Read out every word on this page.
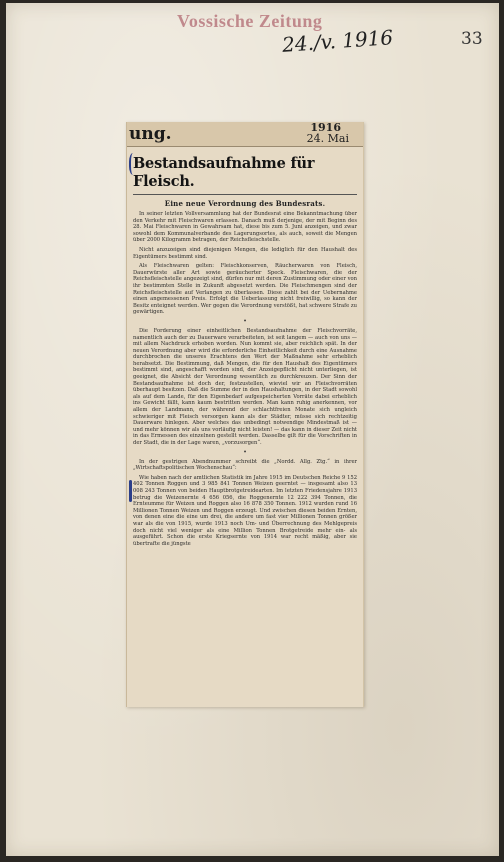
Vossische Zeitung
24./v. 1916	33
ung.	1916
24. Mai
Bestandsaufnahme für Fleisch.
Eine neue Verordnung des Bundesrats.

In seiner letzten Vollversammlung hat der Bundesrat eine Bekanntmachung über den Verkehr mit Fleischwaren erlassen. Danach muß derjenige, der mit Beginn des 28. Mai Fleischwaren in Gewahrsam hat, diese bis zum 5. Juni anzeigen, und zwar sowohl dem Kommunalverbande des Lagerungsortes, als auch, soweit die Mengen über 2000 Kilogramm betragen, der Reichsfleischstelle.

Nicht anzuzeigen sind diejenigen Mengen, die lediglich für den Haushalt des Eigentümers bestimmt sind.

Als Fleischwaren gelten: Fleischkonserven, Räucherwaren von Fleisch, Dauerwürste aller Art sowie geräucherter Speck. Fleischwaren, die der Reichsfleischstelle angezeigt sind, dürfen nur mit deren Zustimmung oder einer von ihr bestimmten Stelle in Zukunft abgesetzt werden. Die Fleischmengen sind der Reichsfleischstelle auf Verlangen zu überlassen. Diese zahlt bei der Uebernahme einen angemessenen Preis. Erfolgt die Ueberlassung nicht freiwillig, so kann der Besitz enteignet werden. Wer gegen die Verordnung verstößt, hat schwere Strafe zu gewärtigen.

•

Die Forderung einer einheitlichen Bestandsaufnahme der Fleischvorräte, namentlich auch der zu Dauerware verarbeiteten, ist seit langem — auch von uns — mit allem Nachdruck erhoben worden. Nun kommt sie, aber reichlich spät. In der neuen Verordnung aber wird die erforderliche Einheitlichkeit durch eine Ausnahme durchbrochen die unseres Erachtens den Wert der Maßnahme sehr erheblich herabsetzt. Die Bestimmung, daß Mengen, die für den Haushalt des Eigentümers bestimmt sind, angeschafft worden sind, der Anzeigepflicht nicht unterliegen, ist geeignet, die Absicht der Verordnung wesentlich zu durchkreuzen. Der Sinn der Bestandsaufnahme ist doch der, festzustellen, wieviel wir an Fleischvorräten überhaupt besitzen. Daß die Summe der in den Haushaltungen, in der Stadt sowohl als auf dem Lande, für den Eigenbedarf aufgespeicherten Vorräte dabei erheblich ins Gewicht fällt, kann kaum bestritten werden. Man kann ruhig anerkennen, vor allem der Landmann, der während der schlachtfreien Monate sich ungleich schwieriger mit Fleisch versorgen kann als der Städter, müsse sich rechtzeitig Dauerware hinlegen. Aber welches das unbedingt notwendige Mindestmaß ist — und mehr können wir als uns vorläufig nicht leisten! — das kann in dieser Zeit nicht in das Ermessen des einzelnen gestellt werden. Dasselbe gilt für die Vorschriften in der Stadt, die in der Lage waren, „vorzusorgen“.

•

In der gestrigen Abendnummer schreibt die „Nordd. Allg. Ztg.“ in ihrer „Wirtschaftspolitischen Wochenschau“:

Wie haben nach der amtlichen Statistik im Jahre 1915 im Deutschen Reiche 9 152 402 Tonnen Roggen und 3 985 841 Tonnen Weizen geerntet — insgesamt also 13 008 243 Tonnen von beiden Hauptbrotgetreidearten. Im letzten Friedensjahre 1913 betrug die Weizenernte 4 656 056, die Roggenernte 12 222 394 Tonnen, die Ernteumme für Weizen und Roggen also 16 878 350 Tonnen. 1912 wurden rund 16 Millionen Tonnen Weizen und Roggen erzeugt. Und zwischen diesen beiden Ernten, von denen eine die eine um drei, die andere um fast vier Millionen Tonnen größer war als die von 1915, wurde 1913 noch Um- und Überrechnung des Mehlgepreis doch nicht viel weniger als eine Million Tonnen Brotgetreide mehr ein- als ausgeführt. Schon die erste Kriegsernte von 1914 war recht mäßig, aber sie übertrafte die jüngste
